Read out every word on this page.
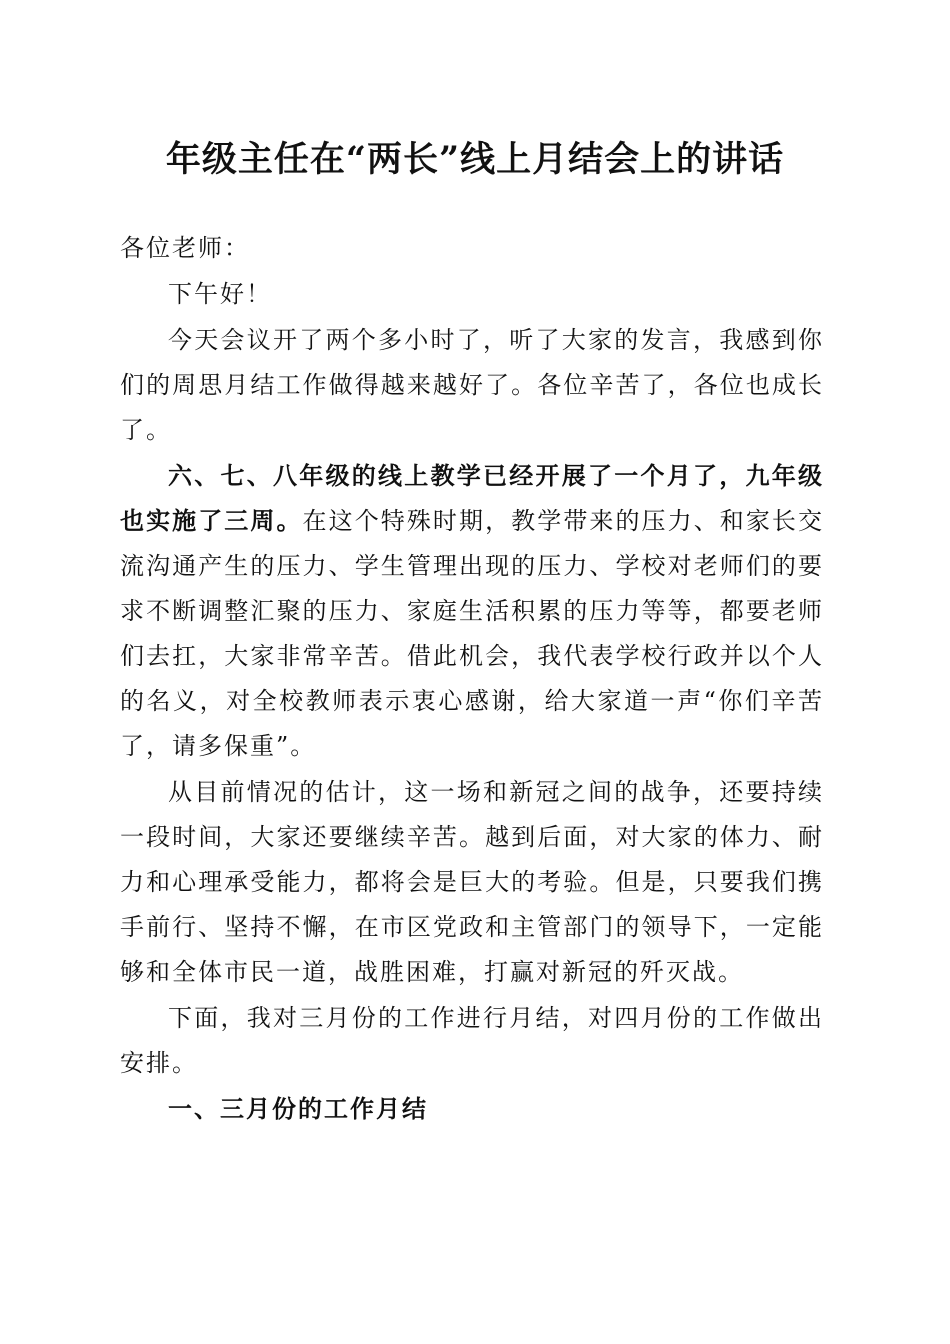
年级主任在“两长”线上月结会上的讲话

各位老师：

下午好！

今天会议开了两个多小时了，听了大家的发言，我感到你们的周思月结工作做得越来越好了。各位辛苦了，各位也成长了。

六、七、八年级的线上教学已经开展了一个月了，九年级也实施了三周。在这个特殊时期，教学带来的压力、和家长交流沟通产生的压力、学生管理出现的压力、学校对老师们的要求不断调整汇聚的压力、家庭生活积累的压力等等，都要老师们去扛，大家非常辛苦。借此机会，我代表学校行政并以个人的名义，对全校教师表示衷心感谢，给大家道一声“你们辛苦了，请多保重”。

从目前情况的估计，这一场和新冠之间的战争，还要持续一段时间，大家还要继续辛苦。越到后面，对大家的体力、耐力和心理承受能力，都将会是巨大的考验。但是，只要我们携手前行、坚持不懈，在市区党政和主管部门的领导下，一定能够和全体市民一道，战胜困难，打赢对新冠的歼灭战。

下面，我对三月份的工作进行月结，对四月份的工作做出安排。

一、三月份的工作月结
